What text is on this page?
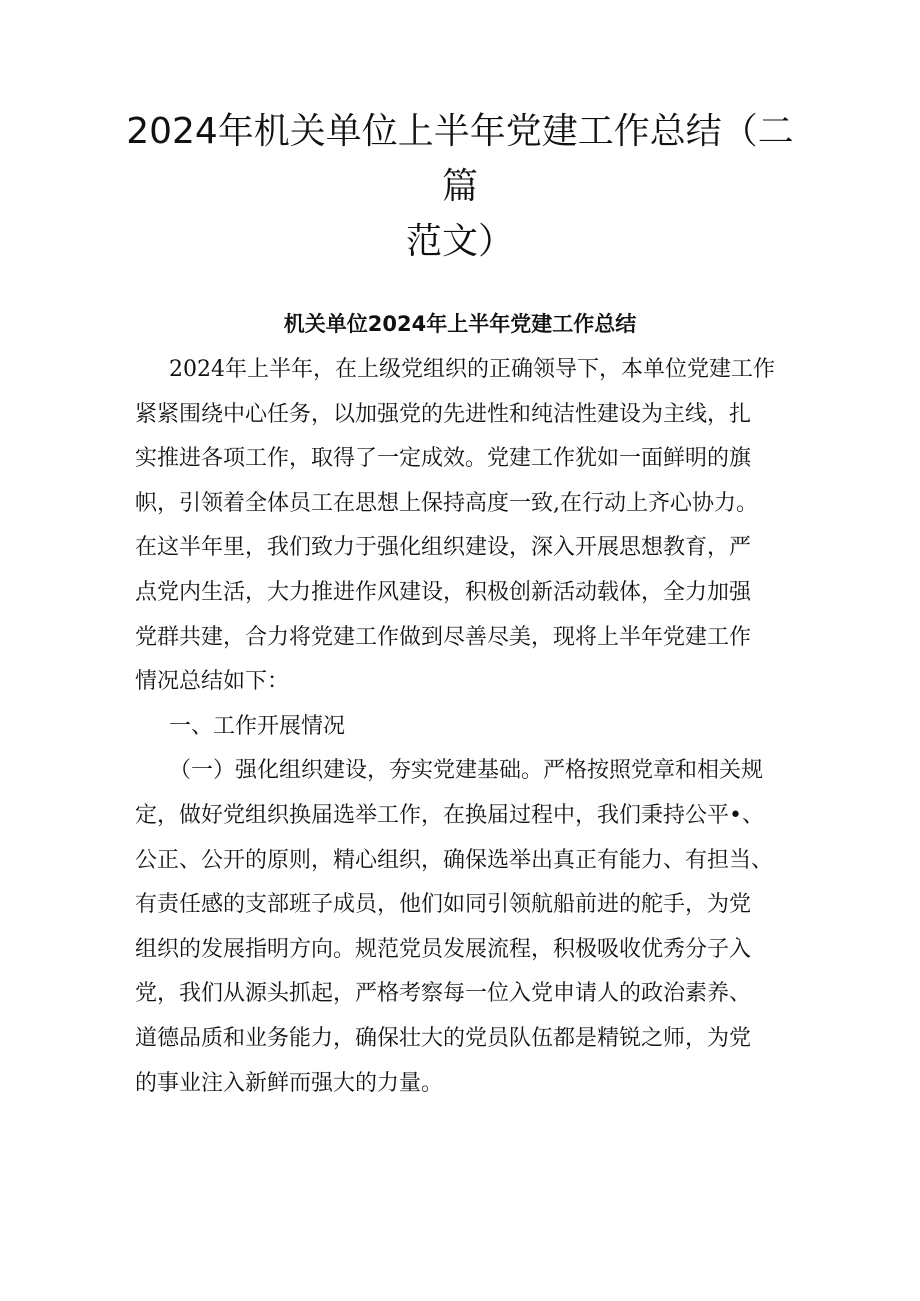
2024年机关单位上半年党建工作总结（二篇
范文）
机关单位2024年上半年党建工作总结
2024年上半年，在上级党组织的正确领导下，本单位党建工作
紧紧围绕中心任务，以加强党的先进性和纯洁性建设为主线，扎
实推进各项工作，取得了一定成效。党建工作犹如一面鲜明的旗
帜，引领着全体员工在思想上保持高度一致,在行动上齐心协力。
在这半年里，我们致力于强化组织建设，深入开展思想教育，严
点党内生活，大力推进作风建设，积极创新活动载体，全力加强
党群共建，合力将党建工作做到尽善尽美，现将上半年党建工作
情况总结如下：
一、工作开展情况
（一）强化组织建设，夯实党建基础。严格按照党章和相关规
定，做好党组织换届选举工作，在换届过程中，我们秉持公平•、
公正、公开的原则，精心组织，确保选举出真正有能力、有担当、
有责任感的支部班子成员，他们如同引领航船前进的舵手，为党
组织的发展指明方向。规范党员发展流程，积极吸收优秀分子入
党，我们从源头抓起，严格考察每一位入党申请人的政治素养、
道德品质和业务能力，确保壮大的党员队伍都是精锐之师，为党
的事业注入新鲜而强大的力量。
